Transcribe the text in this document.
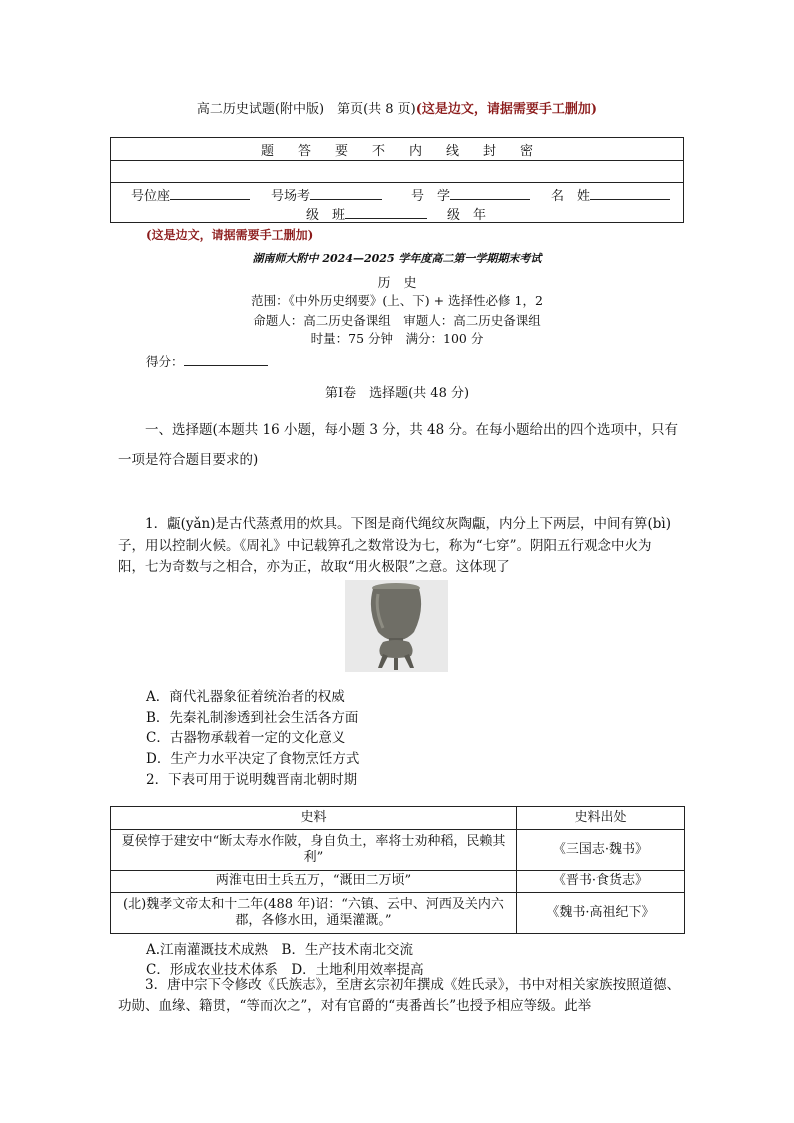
高二历史试题(附中版)　第页(共 8 页)(这是边文，请据需要手工删加)
题 答 要 不 内 线 封 密
号位座	号场考	号　学	名　姓
级　班	级　年
(这是边文，请据需要手工删加)
湖南师大附中 2024—2025 学年度高二第一学期期末考试
历　史
范围：《中外历史纲要》(上、下) + 选择性必修 1，2
命题人：高二历史备课组　审题人：高二历史备课组
时量：75 分钟　满分：100 分
得分：
第Ⅰ卷　选择题(共 48 分)
　　一、选择题(本题共 16 小题，每小题 3 分，共 48 分。在每小题给出的四个选项中，只有
一项是符合题目要求的)
　　1．甗(yǎn)是古代蒸煮用的炊具。下图是商代绳纹灰陶甗，内分上下两层，中间有箅(bì)
子，用以控制火候。《周礼》中记载箅孔之数常设为七，称为“七穿”。阴阳五行观念中火为
阳，七为奇数与之相合，亦为正，故取“用火极限”之意。这体现了
A．商代礼器象征着统治者的权威
B．先秦礼制渗透到社会生活各方面
C．古器物承载着一定的文化意义
D．生产力水平决定了食物烹饪方式
2．下表可用于说明魏晋南北朝时期
史料	史料出处
夏侯惇于建安中“断太寿水作陂，身自负土，率将士劝种稻，民赖其利”	《三国志·魏书》
两淮屯田士兵五万，“溉田二万顷”	《晋书·食货志》
(北)魏孝文帝太和十二年(488 年)诏：“六镇、云中、河西及关内六郡，各修水田，通渠灌溉。”	《魏书·高祖纪下》
A.江南灌溉技术成熟　B．生产技术南北交流
C．形成农业技术体系　D．土地利用效率提高
　　3．唐中宗下令修改《氏族志》，至唐玄宗初年撰成《姓氏录》，书中对相关家族按照道德、
功勋、血缘、籍贯，“等而次之”，对有官爵的“夷番酋长”也授予相应等级。此举
